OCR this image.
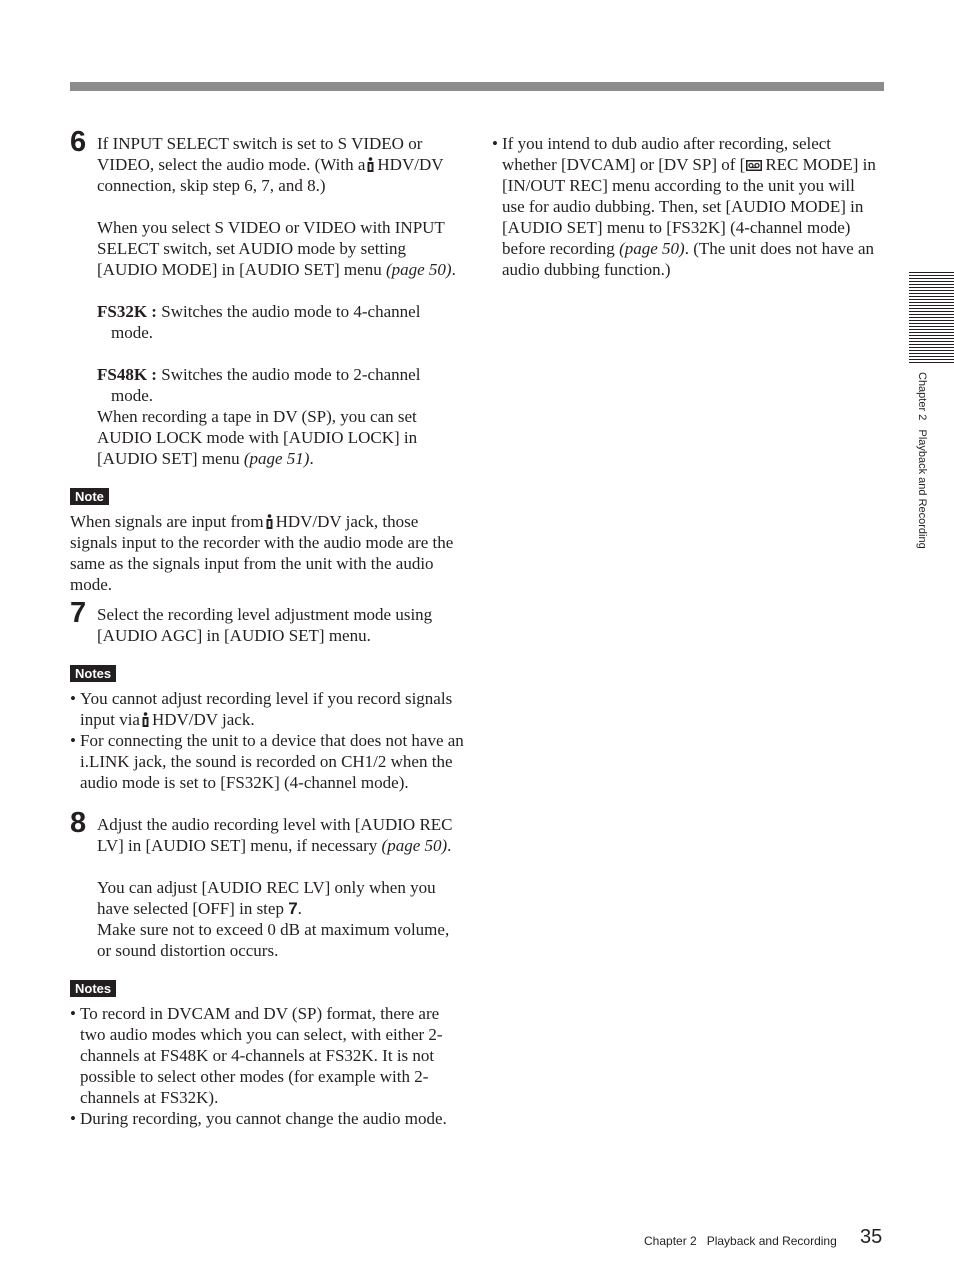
6 If INPUT SELECT switch is set to S VIDEO or VIDEO, select the audio mode. (With a HDV/DV connection, skip step 6, 7, and 8.)

When you select S VIDEO or VIDEO with INPUT SELECT switch, set AUDIO mode by setting [AUDIO MODE] in [AUDIO SET] menu (page 50).

FS32K : Switches the audio mode to 4-channel mode.

FS48K : Switches the audio mode to 2-channel mode.

When recording a tape in DV (SP), you can set AUDIO LOCK mode with [AUDIO LOCK] in [AUDIO SET] menu (page 51).

Note

When signals are input from HDV/DV jack, those signals input to the recorder with the audio mode are the same as the signals input from the unit with the audio mode.

7 Select the recording level adjustment mode using [AUDIO AGC] in [AUDIO SET] menu.

Notes
• You cannot adjust recording level if you record signals input via HDV/DV jack.
• For connecting the unit to a device that does not have an i.LINK jack, the sound is recorded on CH1/2 when the audio mode is set to [FS32K] (4-channel mode).
8 Adjust the audio recording level with [AUDIO REC LV] in [AUDIO SET] menu, if necessary (page 50).

You can adjust [AUDIO REC LV] only when you have selected [OFF] in step 7.

Make sure not to exceed 0 dB at maximum volume, or sound distortion occurs.

Notes
• To record in DVCAM and DV (SP) format, there are two audio modes which you can select, with either 2-channels at FS48K or 4-channels at FS32K. It is not possible to select other modes (for example with 2-channels at FS32K).
• During recording, you cannot change the audio mode.
• If you intend to dub audio after recording, select whether [DVCAM] or [DV SP] of [ REC MODE] in [IN/OUT REC] menu according to the unit you will use for audio dubbing. Then, set [AUDIO MODE] in [AUDIO SET] menu to [FS32K] (4-channel mode) before recording (page 50). (The unit does not have an audio dubbing function.)
Chapter 2   Playback and Recording
Chapter 2   Playback and Recording 35
